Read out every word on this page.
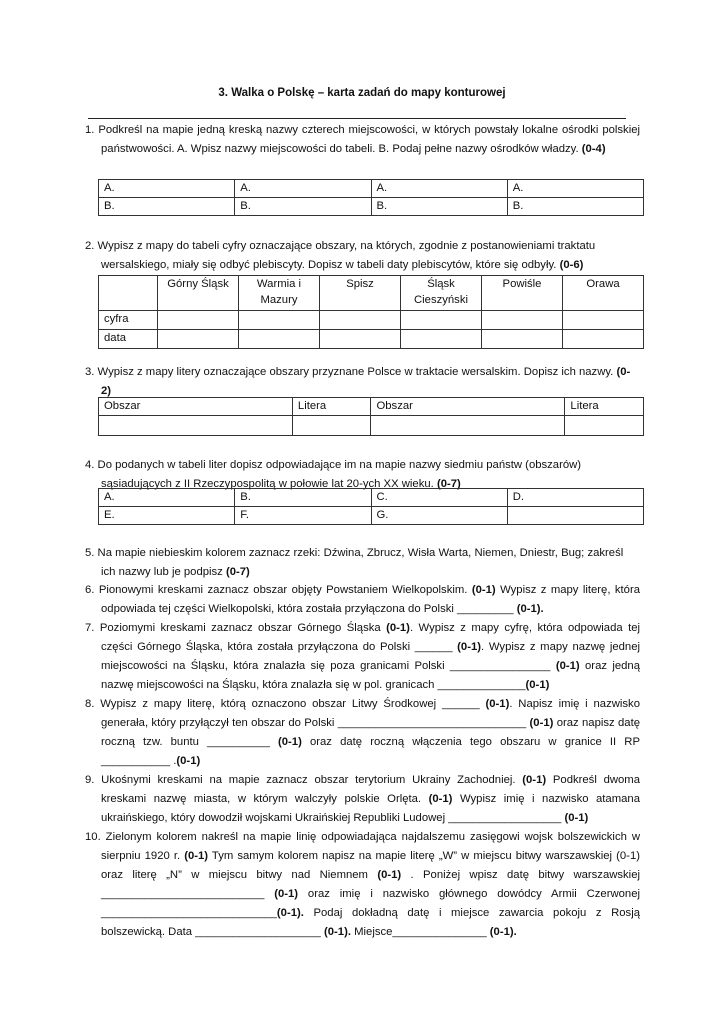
3. Walka o Polskę – karta zadań do mapy konturowej

1. Podkreśl na mapie jedną kreską nazwy czterech miejscowości, w których powstały lokalne ośrodki polskiej państwowości. A. Wpisz nazwy miejscowości do tabeli. B. Podaj pełne nazwy ośrodków władzy. (0-4)

A.	A.	A.	A.
B.	B.	B.	B.

2. Wypisz z mapy do tabeli cyfry oznaczające obszary, na których, zgodnie z postanowieniami traktatu wersalskiego, miały się odbyć plebiscyty. Dopisz w tabeli daty plebiscytów, które się odbyły. (0-6)

	Górny Śląsk	Warmia i Mazury	Spisz	Śląsk Cieszyński	Powiśle	Orawa
cyfra						
data						

3. Wypisz z mapy litery oznaczające obszary przyznane Polsce w traktacie wersalskim. Dopisz ich nazwy. (0-2)

Obszar	Litera	Obszar	Litera

4. Do podanych w tabeli liter dopisz odpowiadające im na mapie nazwy siedmiu państw (obszarów) sąsiadujących z II Rzeczypospolitą w połowie lat 20-ych XX wieku. (0-7)

A.	B.	C.	D.
E.	F.	G.	

5. Na mapie niebieskim kolorem zaznacz rzeki: Dźwina, Zbrucz, Wisła Warta, Niemen, Dniestr, Bug; zakreśl ich nazwy lub je podpisz (0-7)

6. Pionowymi kreskami zaznacz obszar objęty Powstaniem Wielkopolskim. (0-1) Wypisz z mapy literę, która odpowiada tej części Wielkopolski, która została przyłączona do Polski _________ (0-1).

7. Poziomymi kreskami zaznacz obszar Górnego Śląska (0-1). Wypisz z mapy cyfrę, która odpowiada tej części Górnego Śląska, która została przyłączona do Polski ______ (0-1). Wypisz z mapy nazwę jednej miejscowości na Śląsku, która znalazła się poza granicami Polski ________________ (0-1) oraz jedną nazwę miejscowości na Śląsku, która znalazła się w pol. granicach ______________(0-1)

8. Wypisz z mapy literę, którą oznaczono obszar Litwy Środkowej ______ (0-1). Napisz imię i nazwisko generała, który przyłączył ten obszar do Polski ______________________________ (0-1) oraz napisz datę roczną tzw. buntu __________ (0-1) oraz datę roczną włączenia tego obszaru w granice II RP ___________ .(0-1)

9. Ukośnymi kreskami na mapie zaznacz obszar terytorium Ukrainy Zachodniej. (0-1) Podkreśl dwoma kreskami nazwę miasta, w którym walczyły polskie Orlęta. (0-1) Wypisz imię i nazwisko atamana ukraińskiego, który dowodził wojskami Ukraińskiej Republiki Ludowej __________________ (0-1)

10. Zielonym kolorem nakreśl na mapie linię odpowiadająca najdalszemu zasięgowi wojsk bolszewickich w sierpniu 1920 r. (0-1) Tym samym kolorem napisz na mapie literę „W” w miejscu bitwy warszawskiej (0-1) oraz literę „N” w miejscu bitwy nad Niemnem (0-1) . Poniżej wpisz datę bitwy warszawskiej __________________________ (0-1) oraz imię i nazwisko głównego dowódcy Armii Czerwonej ____________________________(0-1). Podaj dokładną datę i miejsce zawarcia pokoju z Rosją bolszewicką. Data ____________________ (0-1). Miejsce_______________ (0-1).
